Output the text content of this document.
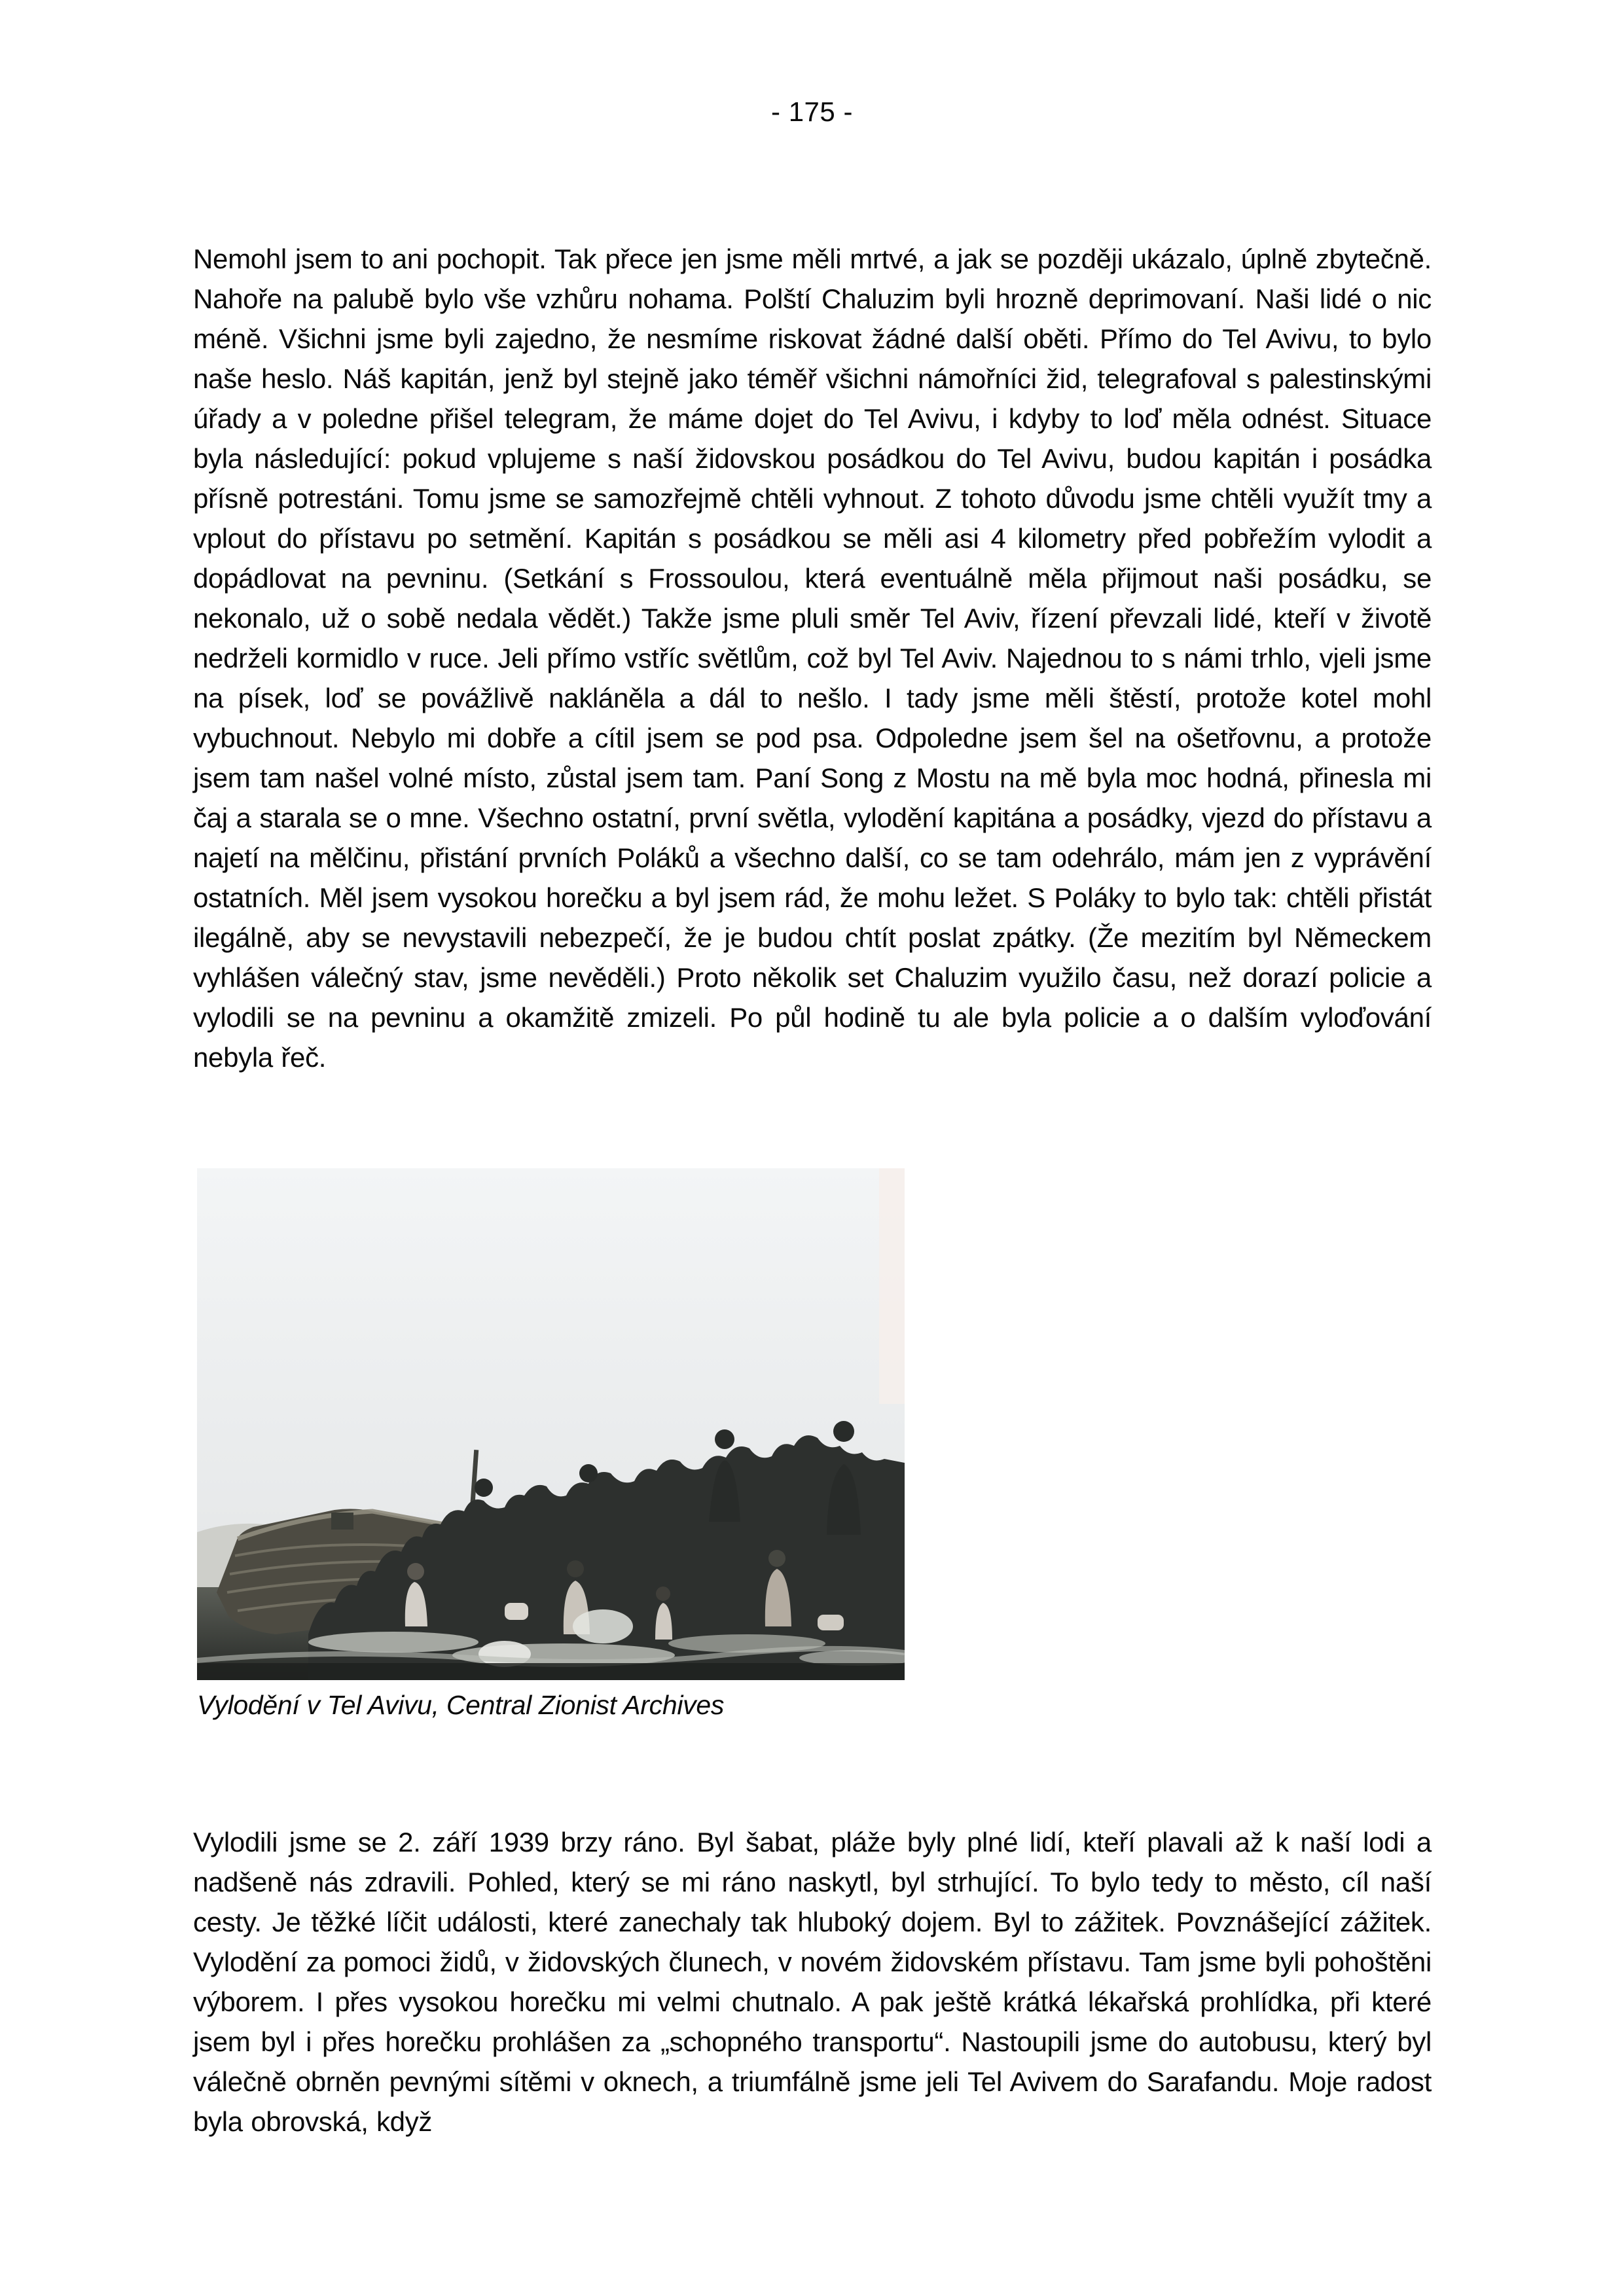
- 175 -

Nemohl jsem to ani pochopit. Tak přece jen jsme měli mrtvé, a jak se později ukázalo, úplně zbytečně. Nahoře na palubě bylo vše vzhůru nohama. Polští Chaluzim byli hrozně deprimovaní. Naši lidé o nic méně. Všichni jsme byli zajedno, že nesmíme riskovat žádné další oběti. Přímo do Tel Avivu, to bylo naše heslo. Náš kapitán, jenž byl stejně jako téměř všichni námořníci žid, telegrafoval s palestinskými úřady a v poledne přišel telegram, že máme dojet do Tel Avivu, i kdyby to loď měla odnést. Situace byla následující: pokud vplujeme s naší židovskou posádkou do Tel Avivu, budou kapitán i posádka přísně potrestáni. Tomu jsme se samozřejmě chtěli vyhnout. Z tohoto důvodu jsme chtěli využít tmy a vplout do přístavu po setmění. Kapitán s posádkou se měli asi 4 kilometry před pobřežím vylodit a dopádlovat na pevninu. (Setkání s Frossoulou, která eventuálně měla přijmout naši posádku, se nekonalo, už o sobě nedala vědět.) Takže jsme pluli směr Tel Aviv, řízení převzali lidé, kteří v životě nedrželi kormidlo v ruce. Jeli přímo vstříc světlům, což byl Tel Aviv. Najednou to s námi trhlo, vjeli jsme na písek, loď se povážlivě nakláněla a dál to nešlo. I tady jsme měli štěstí, protože kotel mohl vybuchnout. Nebylo mi dobře a cítil jsem se pod psa. Odpoledne jsem šel na ošetřovnu, a protože jsem tam našel volné místo, zůstal jsem tam. Paní Song z Mostu na mě byla moc hodná, přinesla mi čaj a starala se o mne. Všechno ostatní, první světla, vylodění kapitána a posádky, vjezd do přístavu a najetí na mělčinu, přistání prvních Poláků a všechno další, co se tam odehrálo, mám jen z vyprávění ostatních. Měl jsem vysokou horečku a byl jsem rád, že mohu ležet. S Poláky to bylo tak: chtěli přistát ilegálně, aby se nevystavili nebezpečí, že je budou chtít poslat zpátky. (Že mezitím byl Německem vyhlášen válečný stav, jsme nevěděli.) Proto několik set Chaluzim využilo času, než dorazí policie a vylodili se na pevninu a okamžitě zmizeli. Po půl hodině tu ale byla policie a o dalším vyloďování nebyla řeč.

Vylodění v Tel Avivu, Central Zionist Archives

Vylodili jsme se 2. září 1939 brzy ráno. Byl šabat, pláže byly plné lidí, kteří plavali až k naší lodi a nadšeně nás zdravili. Pohled, který se mi ráno naskytl, byl strhující. To bylo tedy to město, cíl naší cesty. Je těžké líčit události, které zanechaly tak hluboký dojem. Byl to zážitek. Povznášející zážitek. Vylodění za pomoci židů, v židovských člunech, v novém židovském přístavu. Tam jsme byli pohoštěni výborem. I přes vysokou horečku mi velmi chutnalo. A pak ještě krátká lékařská prohlídka, při které jsem byl i přes horečku prohlášen za „schopného transportu“. Nastoupili jsme do autobusu, který byl válečně obrněn pevnými sítěmi v oknech, a triumfálně jsme jeli Tel Avivem do Sarafandu. Moje radost byla obrovská, když
